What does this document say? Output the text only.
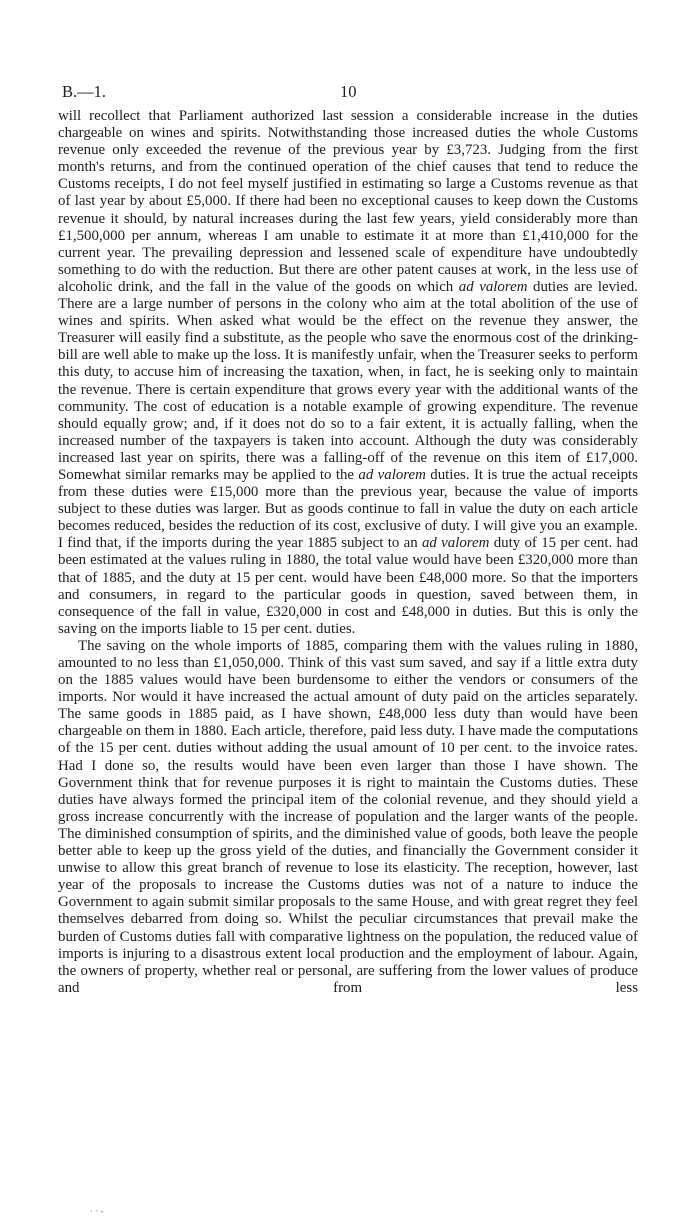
B.—1.	10

will recollect that Parliament authorized last session a considerable increase in the duties chargeable on wines and spirits. Notwithstanding those increased duties the whole Customs revenue only exceeded the revenue of the previous year by £3,723. Judging from the first month's returns, and from the continued operation of the chief causes that tend to reduce the Customs receipts, I do not feel myself justified in estimating so large a Customs revenue as that of last year by about £5,000. If there had been no exceptional causes to keep down the Customs revenue it should, by natural increases during the last few years, yield considerably more than £1,500,000 per annum, whereas I am unable to estimate it at more than £1,410,000 for the current year. The prevailing depression and lessened scale of expenditure have undoubtedly something to do with the reduction. But there are other patent causes at work, in the less use of alcoholic drink, and the fall in the value of the goods on which ad valorem duties are levied. There are a large number of persons in the colony who aim at the total abolition of the use of wines and spirits. When asked what would be the effect on the revenue they answer, the Treasurer will easily find a substitute, as the people who save the enormous cost of the drinking-bill are well able to make up the loss. It is manifestly unfair, when the Treasurer seeks to perform this duty, to accuse him of increasing the taxation, when, in fact, he is seeking only to maintain the revenue. There is certain expenditure that grows every year with the additional wants of the community. The cost of education is a notable example of growing expenditure. The revenue should equally grow; and, if it does not do so to a fair extent, it is actually falling, when the increased number of the taxpayers is taken into account. Although the duty was considerably increased last year on spirits, there was a falling-off of the revenue on this item of £17,000. Somewhat similar remarks may be applied to the ad valorem duties. It is true the actual receipts from these duties were £15,000 more than the previous year, because the value of imports subject to these duties was larger. But as goods continue to fall in value the duty on each article becomes reduced, besides the reduction of its cost, exclusive of duty. I will give you an example. I find that, if the imports during the year 1885 subject to an ad valorem duty of 15 per cent. had been estimated at the values ruling in 1880, the total value would have been £320,000 more than that of 1885, and the duty at 15 per cent. would have been £48,000 more. So that the importers and consumers, in regard to the particular goods in question, saved between them, in consequence of the fall in value, £320,000 in cost and £48,000 in duties. But this is only the saving on the imports liable to 15 per cent. duties.

The saving on the whole imports of 1885, comparing them with the values ruling in 1880, amounted to no less than £1,050,000. Think of this vast sum saved, and say if a little extra duty on the 1885 values would have been burdensome to either the vendors or consumers of the imports. Nor would it have increased the actual amount of duty paid on the articles separately. The same goods in 1885 paid, as I have shown, £48,000 less duty than would have been chargeable on them in 1880. Each article, therefore, paid less duty. I have made the computations of the 15 per cent. duties without adding the usual amount of 10 per cent. to the invoice rates. Had I done so, the results would have been even larger than those I have shown. The Government think that for revenue purposes it is right to maintain the Customs duties. These duties have always formed the principal item of the colonial revenue, and they should yield a gross increase concurrently with the increase of population and the larger wants of the people. The diminished consumption of spirits, and the diminished value of goods, both leave the people better able to keep up the gross yield of the duties, and financially the Government consider it unwise to allow this great branch of revenue to lose its elasticity. The reception, however, last year of the proposals to increase the Customs duties was not of a nature to induce the Government to again submit similar proposals to the same House, and with great regret they feel themselves debarred from doing so. Whilst the peculiar circumstances that prevail make the burden of Customs duties fall with comparative lightness on the population, the reduced value of imports is injuring to a disastrous extent local production and the employment of labour. Again, the owners of property, whether real or personal, are suffering from the lower values of produce and from less

· · -
